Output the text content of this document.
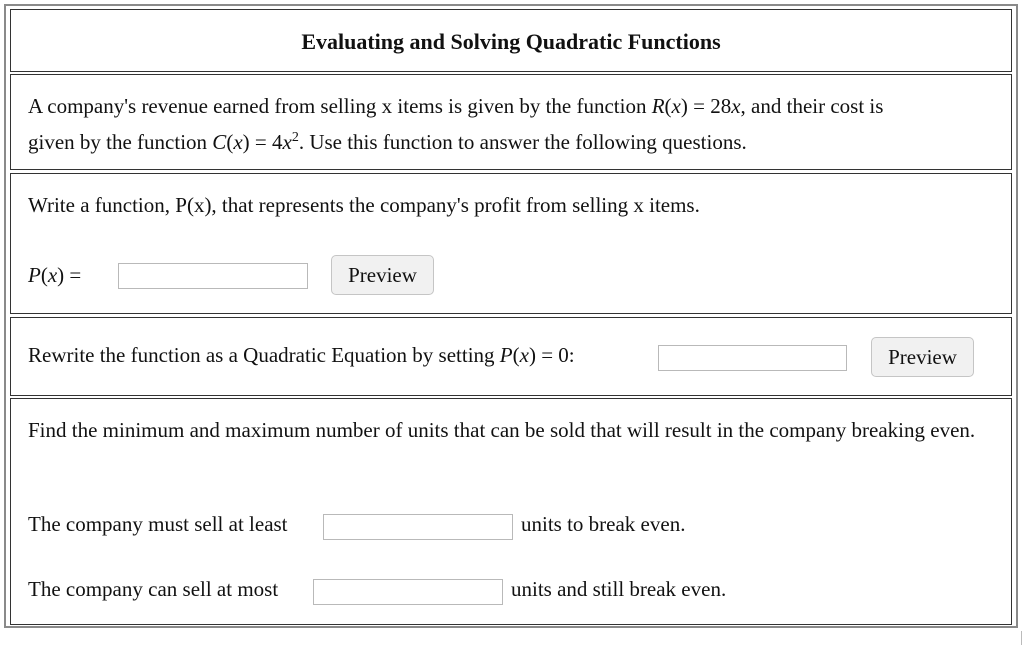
Evaluating and Solving Quadratic Functions
A company's revenue earned from selling x items is given by the function R(x) = 28x, and their cost is
given by the function $C(x) = 4x^2$. Use this function to answer the following questions.
Write a function, P(x), that represents the company's profit from selling x items.
P(x) =	Preview
Rewrite the function as a Quadratic Equation by setting P(x) = 0:	Preview
Find the minimum and maximum number of units that can be sold that will result in the company breaking even.
The company must sell at least	units to break even.
The company can sell at most	units and still break even.
